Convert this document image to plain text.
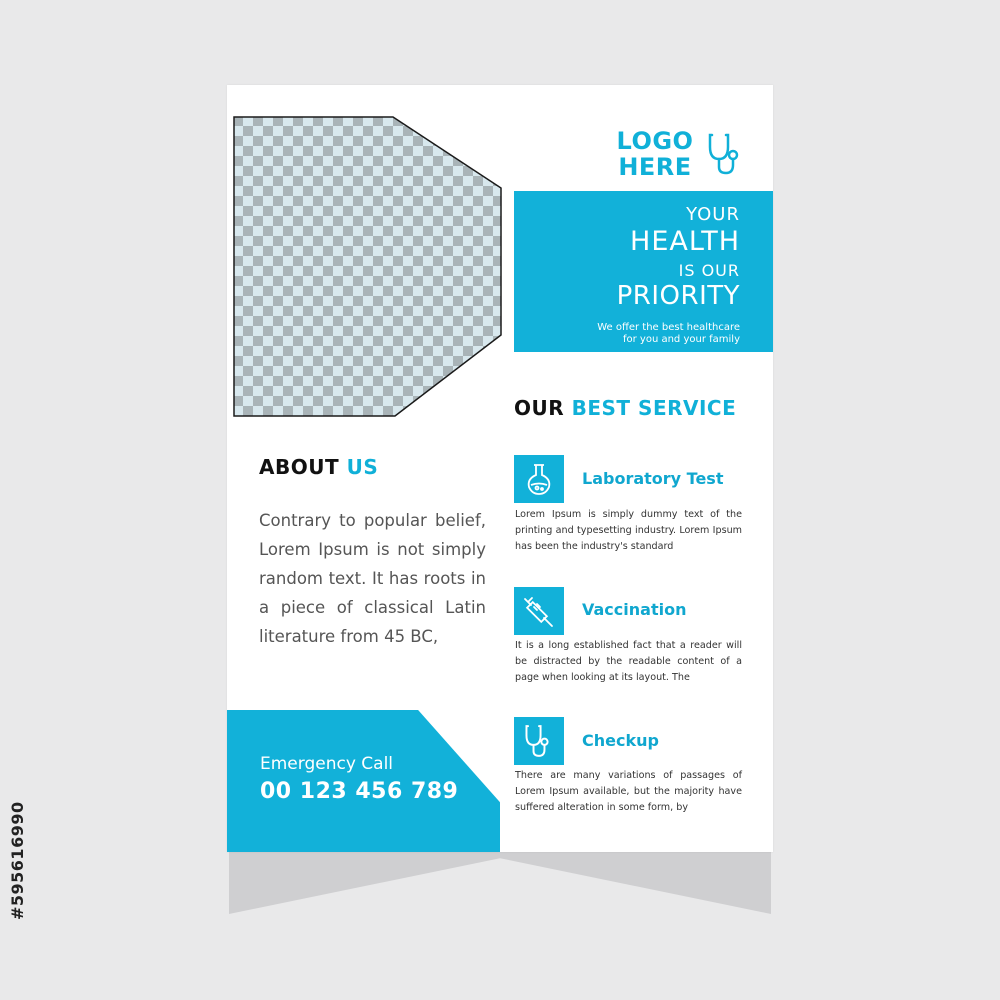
LOGO
HERE
YOUR
HEALTH
IS OUR
PRIORITY
We offer the best healthcare
for you and your family
OUR BEST SERVICE
Laboratory Test
Lorem Ipsum is simply dummy text of the printing and typesetting industry. Lorem Ipsum has been the industry's standard
Vaccination
It is a long established fact that a reader will be distracted by the readable content of a page when looking at its layout. The
Checkup
There are many variations of passages of Lorem Ipsum available, but the majority have suffered alteration in some form, by
ABOUT US
Contrary to popular belief, Lorem Ipsum is not simply random text. It has roots in a piece of classical Latin literature from 45 BC,
Emergency Call
00 123 456 789
#595616990
